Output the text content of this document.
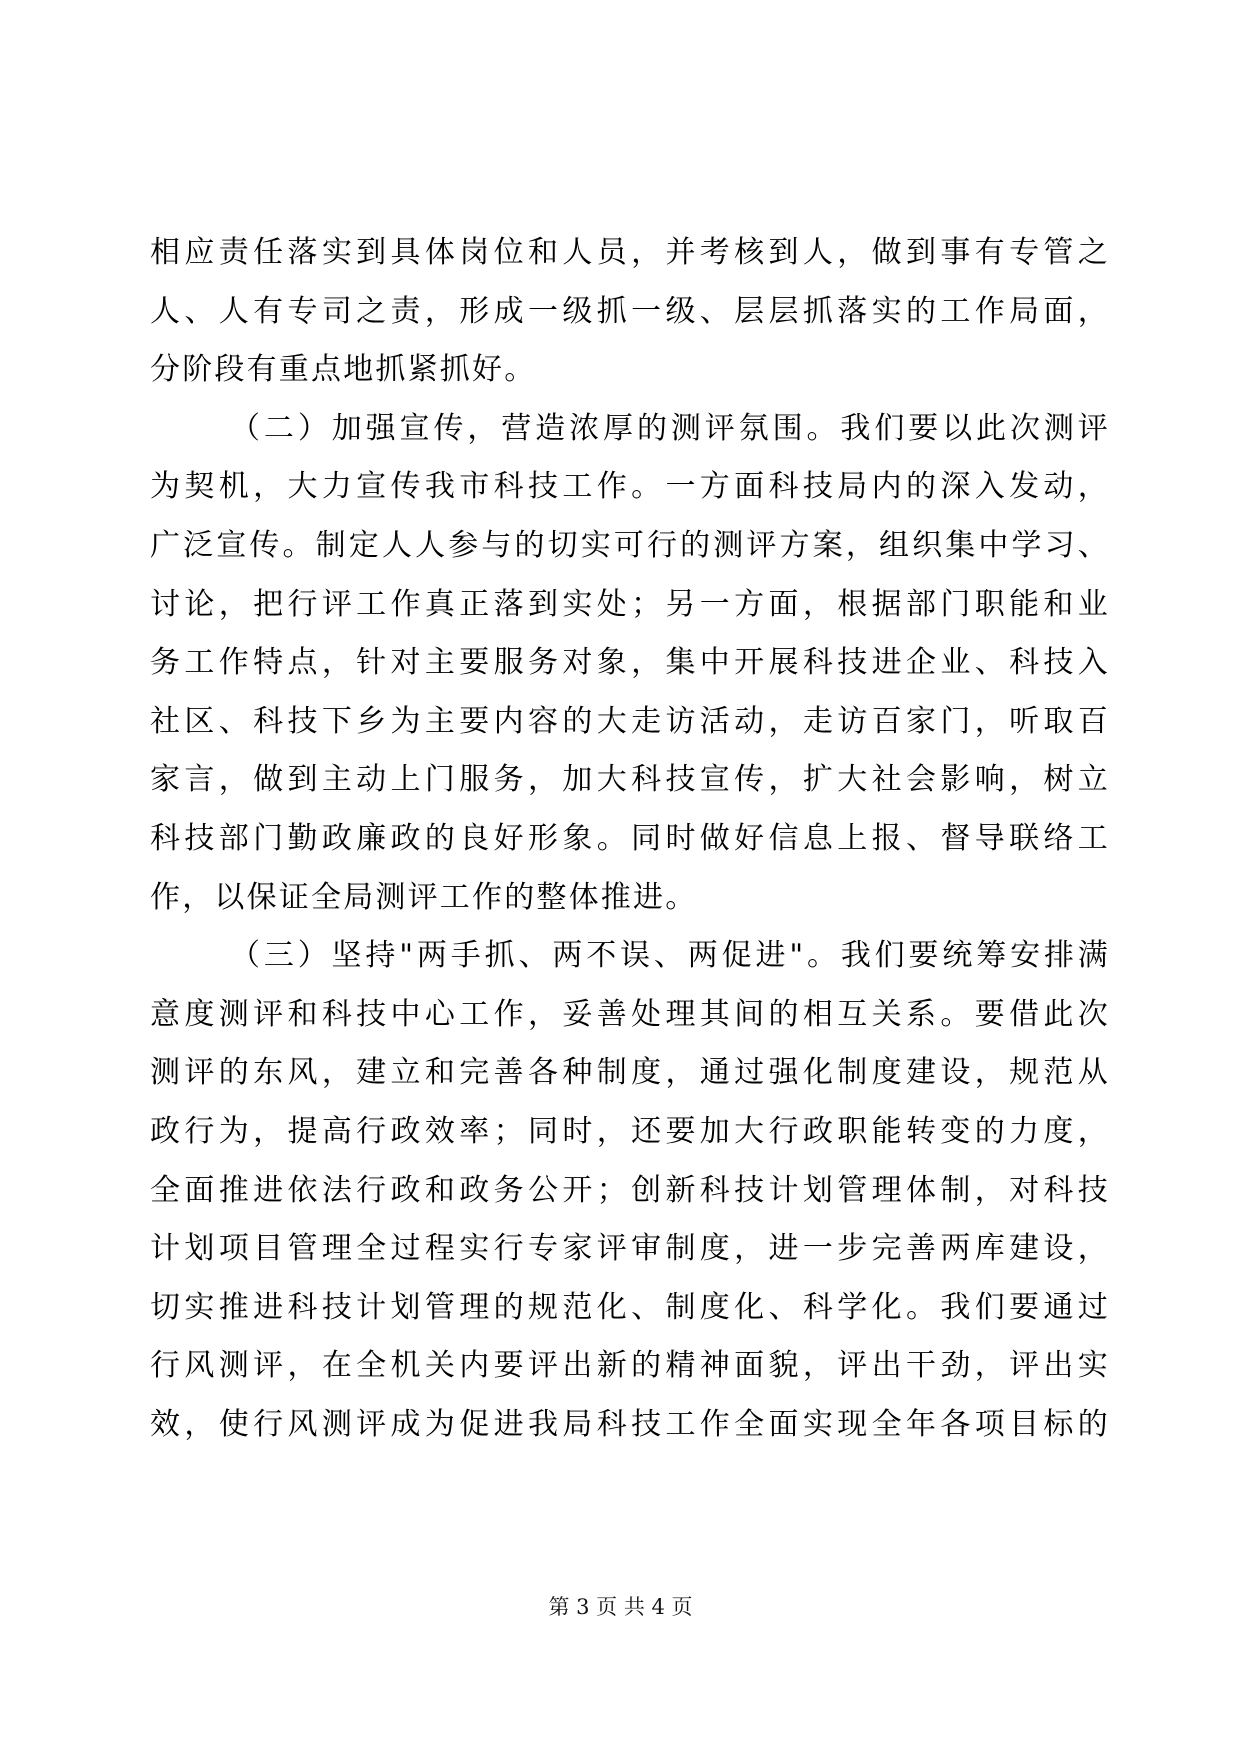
相应责任落实到具体岗位和人员，并考核到人，做到事有专管之
人、人有专司之责，形成一级抓一级、层层抓落实的工作局面，
分阶段有重点地抓紧抓好。
（二）加强宣传，营造浓厚的测评氛围。我们要以此次测评
为契机，大力宣传我市科技工作。一方面科技局内的深入发动，
广泛宣传。制定人人参与的切实可行的测评方案，组织集中学习、
讨论，把行评工作真正落到实处；另一方面，根据部门职能和业
务工作特点，针对主要服务对象，集中开展科技进企业、科技入
社区、科技下乡为主要内容的大走访活动，走访百家门，听取百
家言，做到主动上门服务，加大科技宣传，扩大社会影响，树立
科技部门勤政廉政的良好形象。同时做好信息上报、督导联络工
作，以保证全局测评工作的整体推进。
（三）坚持"两手抓、两不误、两促进"。我们要统筹安排满
意度测评和科技中心工作，妥善处理其间的相互关系。要借此次
测评的东风，建立和完善各种制度，通过强化制度建设，规范从
政行为，提高行政效率；同时，还要加大行政职能转变的力度，
全面推进依法行政和政务公开；创新科技计划管理体制，对科技
计划项目管理全过程实行专家评审制度，进一步完善两库建设，
切实推进科技计划管理的规范化、制度化、科学化。我们要通过
行风测评，在全机关内要评出新的精神面貌，评出干劲，评出实
效，使行风测评成为促进我局科技工作全面实现全年各项目标的
第 3 页 共 4 页
